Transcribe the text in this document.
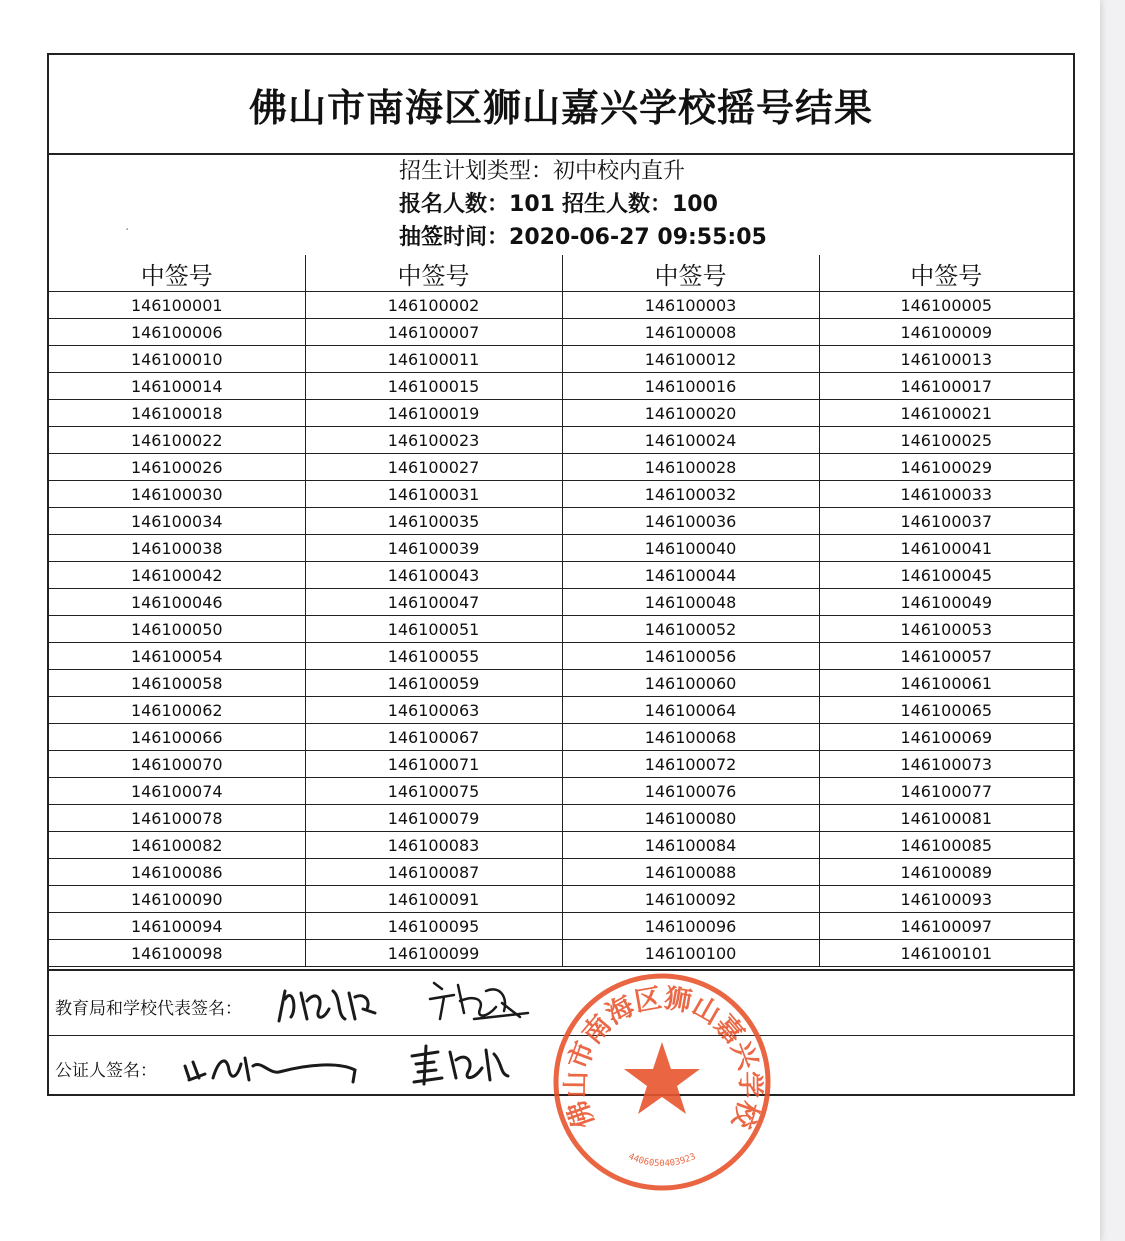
·
佛山市南海区狮山嘉兴学校摇号结果
招生计划类型：初中校内直升
报名人数：101 招生人数：100
抽签时间：2020-06-27 09:55:05
中签号	中签号	中签号	中签号
146100001	146100002	146100003	146100005
146100006	146100007	146100008	146100009
146100010	146100011	146100012	146100013
146100014	146100015	146100016	146100017
146100018	146100019	146100020	146100021
146100022	146100023	146100024	146100025
146100026	146100027	146100028	146100029
146100030	146100031	146100032	146100033
146100034	146100035	146100036	146100037
146100038	146100039	146100040	146100041
146100042	146100043	146100044	146100045
146100046	146100047	146100048	146100049
146100050	146100051	146100052	146100053
146100054	146100055	146100056	146100057
146100058	146100059	146100060	146100061
146100062	146100063	146100064	146100065
146100066	146100067	146100068	146100069
146100070	146100071	146100072	146100073
146100074	146100075	146100076	146100077
146100078	146100079	146100080	146100081
146100082	146100083	146100084	146100085
146100086	146100087	146100088	146100089
146100090	146100091	146100092	146100093
146100094	146100095	146100096	146100097
146100098	146100099	146100100	146100101
教育局和学校代表签名：
公证人签名：
佛山市南海区狮山嘉兴学校
4406050403923
